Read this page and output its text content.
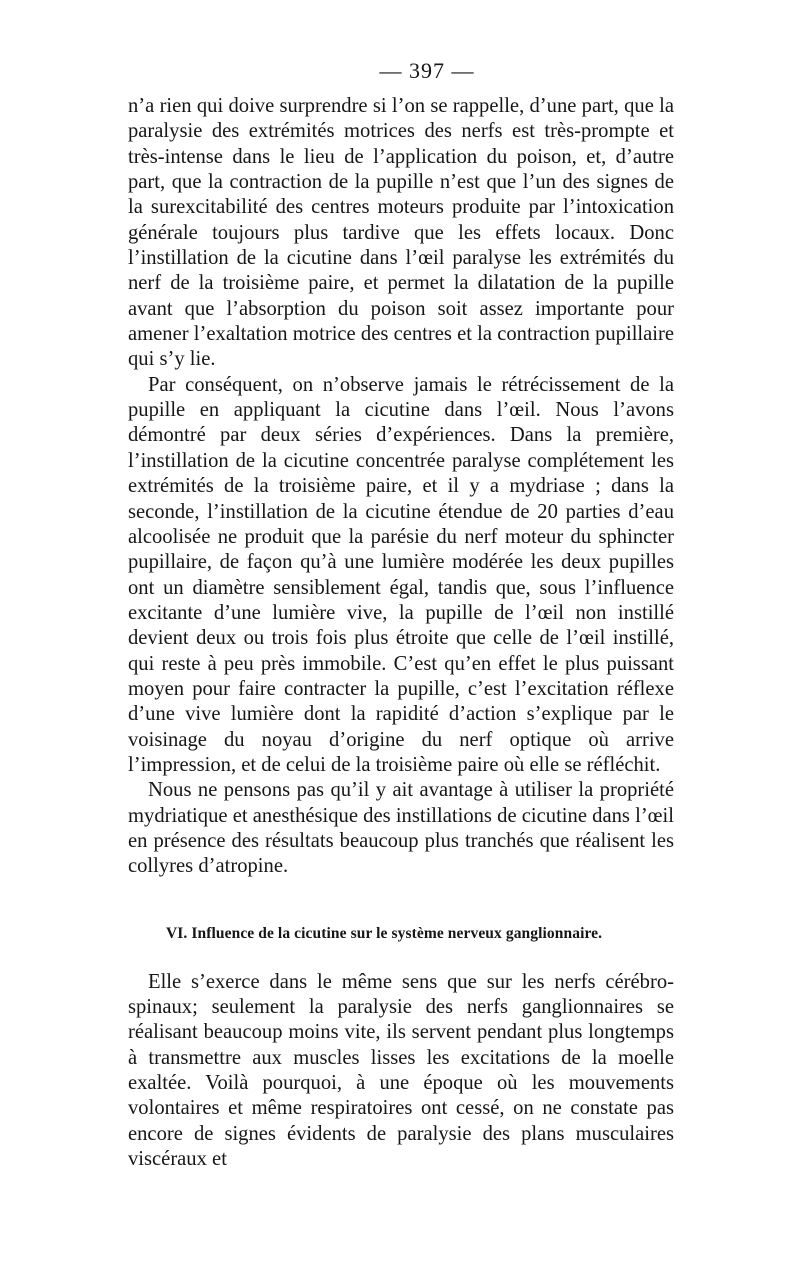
— 397 —

n’a rien qui doive surprendre si l’on se rappelle, d’une part, que la paralysie des extrémités motrices des nerfs est très-prompte et très-intense dans le lieu de l’application du poison, et, d’autre part, que la contraction de la pupille n’est que l’un des signes de la surexcitabilité des centres moteurs produite par l’intoxication générale toujours plus tardive que les effets locaux. Donc l’instillation de la cicutine dans l’œil paralyse les extrémités du nerf de la troisième paire, et permet la dilatation de la pupille avant que l’absorption du poison soit assez importante pour amener l’exaltation motrice des centres et la contraction pupillaire qui s’y lie.

Par conséquent, on n’observe jamais le rétrécissement de la pupille en appliquant la cicutine dans l’œil. Nous l’avons démontré par deux séries d’expériences. Dans la première, l’instillation de la cicutine concentrée paralyse complétement les extrémités de la troisième paire, et il y a mydriase ; dans la seconde, l’instillation de la cicutine étendue de 20 parties d’eau alcoolisée ne produit que la parésie du nerf moteur du sphincter pupillaire, de façon qu’à une lumière modérée les deux pupilles ont un diamètre sensiblement égal, tandis que, sous l’influence excitante d’une lumière vive, la pupille de l’œil non instillé devient deux ou trois fois plus étroite que celle de l’œil instillé, qui reste à peu près immobile. C’est qu’en effet le plus puissant moyen pour faire contracter la pupille, c’est l’excitation réflexe d’une vive lumière dont la rapidité d’action s’explique par le voisinage du noyau d’origine du nerf optique où arrive l’impression, et de celui de la troisième paire où elle se réfléchit.

Nous ne pensons pas qu’il y ait avantage à utiliser la propriété mydriatique et anesthésique des instillations de cicutine dans l’œil en présence des résultats beaucoup plus tranchés que réalisent les collyres d’atropine.

VI. Influence de la cicutine sur le système nerveux ganglionnaire.

Elle s’exerce dans le même sens que sur les nerfs cérébro-spinaux; seulement la paralysie des nerfs ganglionnaires se réalisant beaucoup moins vite, ils servent pendant plus longtemps à transmettre aux muscles lisses les excitations de la moelle exaltée. Voilà pourquoi, à une époque où les mouvements volontaires et même respiratoires ont cessé, on ne constate pas encore de signes évidents de paralysie des plans musculaires viscéraux et
